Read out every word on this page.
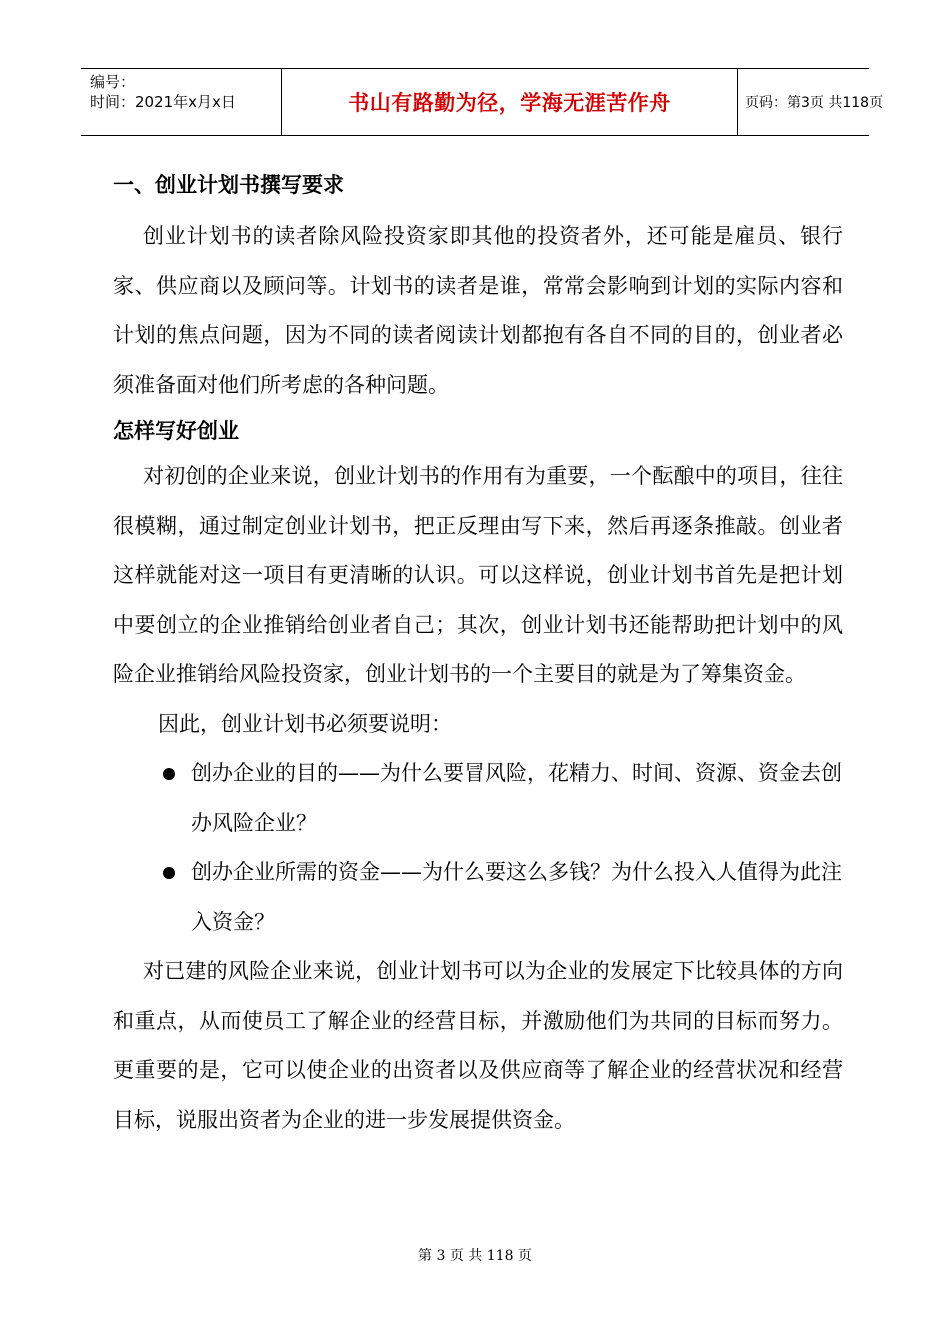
编号：
时间：2021年x月x日	书山有路勤为径，学海无涯苦作舟	页码：第3页 共118页
一、创业计划书撰写要求

创业计划书的读者除风险投资家即其他的投资者外，还可能是雇员、银行家、供应商以及顾问等。计划书的读者是谁，常常会影响到计划的实际内容和计划的焦点问题，因为不同的读者阅读计划都抱有各自不同的目的，创业者必须准备面对他们所考虑的各种问题。

怎样写好创业

对初创的企业来说，创业计划书的作用有为重要，一个酝酿中的项目，往往很模糊，通过制定创业计划书，把正反理由写下来，然后再逐条推敲。创业者这样就能对这一项目有更清晰的认识。可以这样说，创业计划书首先是把计划中要创立的企业推销给创业者自己；其次，创业计划书还能帮助把计划中的风险企业推销给风险投资家，创业计划书的一个主要目的就是为了筹集资金。

因此，创业计划书必须要说明：

创办企业的目的——为什么要冒风险，花精力、时间、资源、资金去创办风险企业？
创办企业所需的资金——为什么要这么多钱？为什么投入人值得为此注入资金？

对已建的风险企业来说，创业计划书可以为企业的发展定下比较具体的方向和重点，从而使员工了解企业的经营目标，并激励他们为共同的目标而努力。更重要的是，它可以使企业的出资者以及供应商等了解企业的经营状况和经营目标，说服出资者为企业的进一步发展提供资金。

第 3 页 共 118 页
